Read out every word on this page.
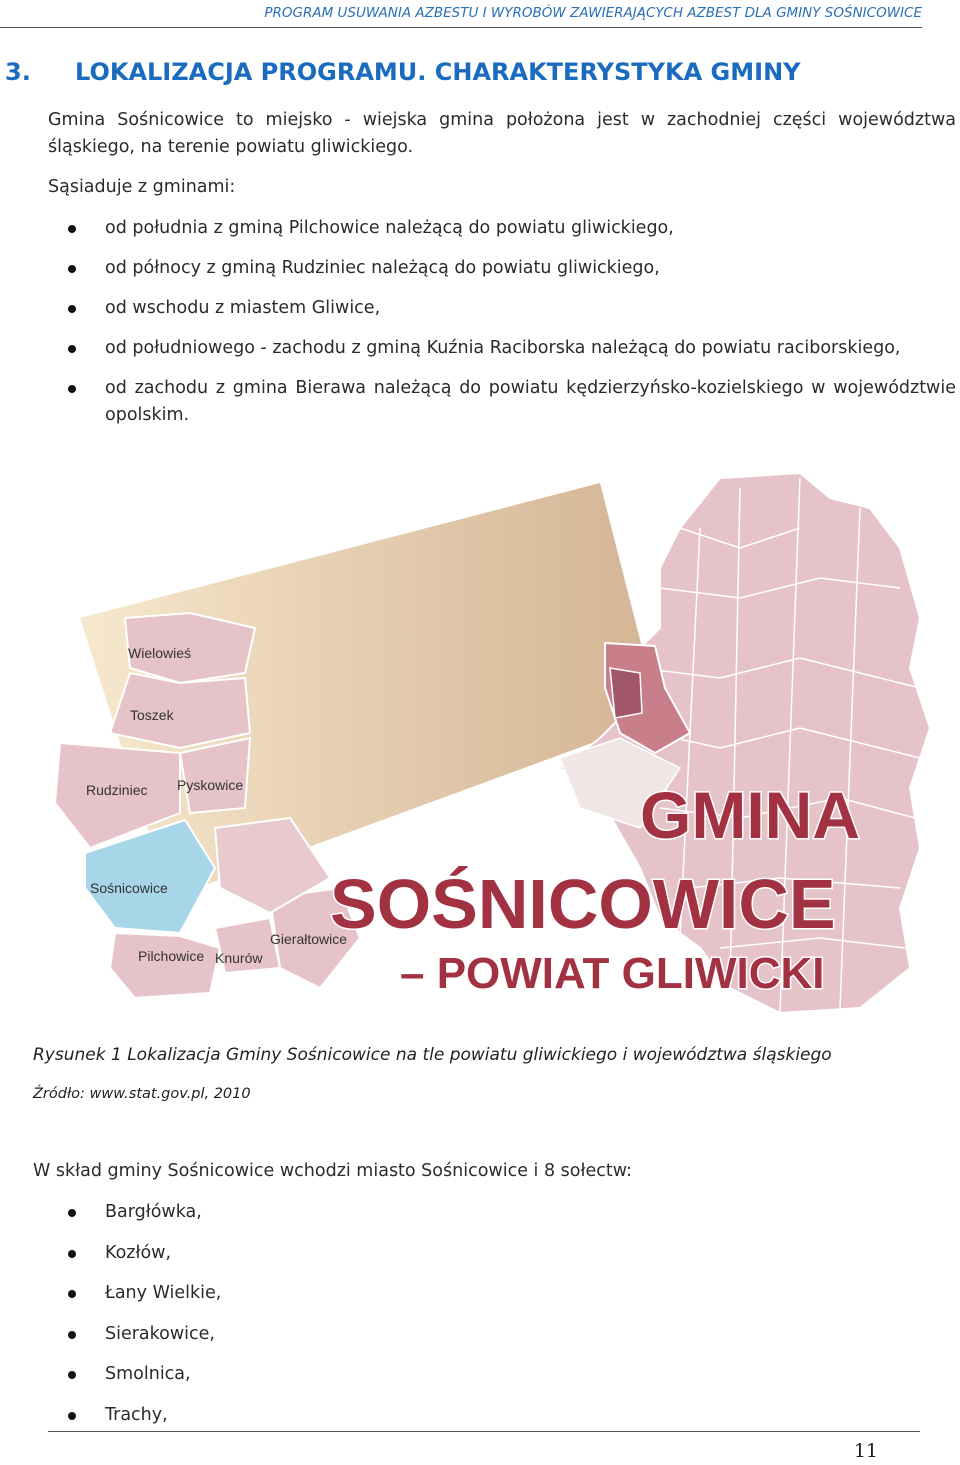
PROGRAM USUWANIA AZBESTU I WYROBÓW ZAWIERAJĄCYCH AZBEST DLA GMINY SOŚNICOWICE
3. LOKALIZACJA PROGRAMU. CHARAKTERYSTYKA GMINY
Gmina Sośnicowice to miejsko - wiejska gmina położona jest w zachodniej części województwa śląskiego, na terenie powiatu gliwickiego.
Sąsiaduje z gminami:
od południa z gminą Pilchowice należącą do powiatu gliwickiego,
od północy z gminą Rudziniec należącą do powiatu gliwickiego,
od wschodu z miastem Gliwice,
od południowego - zachodu z gminą Kuźnia Raciborska należącą do powiatu raciborskiego,
od zachodu z gmina Bierawa należącą do powiatu kędzierzyńsko-kozielskiego w województwie opolskim.
Wielowieś
Toszek
Rudziniec Pyskowice
Sośnicowice
Pilchowice Knurów
Gierałtowice
GMINA
SOŚNICOWICE
– POWIAT GLIWICKI
Rysunek 1 Lokalizacja Gminy Sośnicowice na tle powiatu gliwickiego i województwa śląskiego
Źródło: www.stat.gov.pl, 2010
W skład gminy Sośnicowice wchodzi miasto Sośnicowice i 8 sołectw:
Bargłówka,
Kozłów,
Łany Wielkie,
Sierakowice,
Smolnica,
Trachy,
11
